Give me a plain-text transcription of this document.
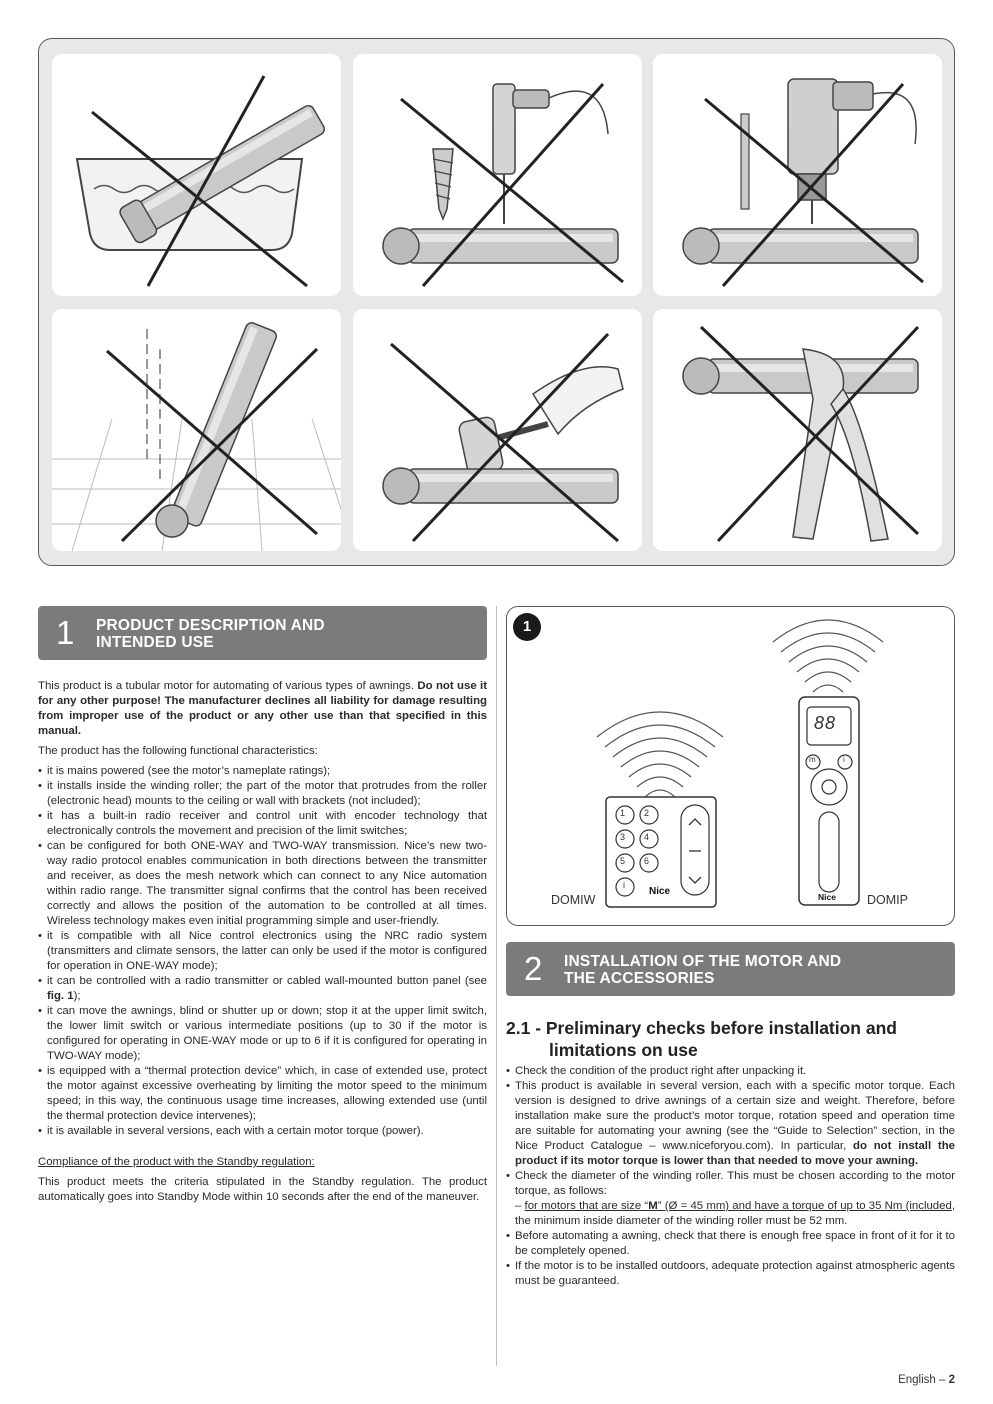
1 PRODUCT DESCRIPTION AND
INTENDED USE

This product is a tubular motor for automating of various types of awnings. Do not use it for any other purpose! The manufacturer declines all liability for damage resulting from improper use of the product or any other use than that specified in this manual.

The product has the following functional characteristics:

• it is mains powered (see the motor’s nameplate ratings);
• it installs inside the winding roller; the part of the motor that protrudes from the roller (electronic head) mounts to the ceiling or wall with brackets (not included);
• it has a built-in radio receiver and control unit with encoder technology that electronically controls the movement and precision of the limit switches;
• can be configured for both ONE-WAY and TWO-WAY transmission. Nice’s new two-way radio protocol enables communication in both directions between the transmitter and receiver, as does the mesh network which can connect to any Nice automation within radio range. The transmitter signal confirms that the control has been received correctly and allows the position of the automation to be controlled at all times. Wireless technology makes even initial programming simple and user-friendly.
• it is compatible with all Nice control electronics using the NRC radio system (transmitters and climate sensors, the latter can only be used if the motor is configured for operation in ONE-WAY mode);
• it can be controlled with a radio transmitter or cabled wall-mounted button panel (see fig. 1);
• it can move the awnings, blind or shutter up or down; stop it at the upper limit switch, the lower limit switch or various intermediate positions (up to 30 if the motor is configured for operating in ONE-WAY mode or up to 6 if it is configured for operating in TWO-WAY mode);
• is equipped with a “thermal protection device” which, in case of extended use, protect the motor against excessive overheating by limiting the motor speed to the minimum speed; in this way, the continuous usage time increases, allowing extended use (until the thermal protection device intervenes);
• it is available in several versions, each with a certain motor torque (power).

Compliance of the product with the Standby regulation:

This product meets the criteria stipulated in the Standby regulation. The product automatically goes into Standby Mode within 10 seconds after the end of the maneuver.

1
1 2
3 4
5 6
i
Nice
88
m	i
Nice
DOMIW	DOMIP
2 INSTALLATION OF THE MOTOR AND
THE ACCESSORIES
2.1 - Preliminary checks before installation and
limitations on use
• Check the condition of the product right after unpacking it.
• This product is available in several version, each with a specific motor torque. Each version is designed to drive awnings of a certain size and weight. Therefore, before installation make sure the product’s motor torque, rotation speed and operation time are suitable for automating your awning (see the “Guide to Selection” section, in the Nice Product Catalogue – www.niceforyou.com). In particular, do not install the product if its motor torque is lower than that needed to move your awning.
• Check the diameter of the winding roller. This must be chosen according to the motor torque, as follows:
– for motors that are size “M” (Ø = 45 mm) and have a torque of up to 35 Nm (included, the minimum inside diameter of the winding roller must be 52 mm.
• Before automating a awning, check that there is enough free space in front of it for it to be completely opened.
• If the motor is to be installed outdoors, adequate protection against atmospheric agents must be guaranteed.
English – 2
